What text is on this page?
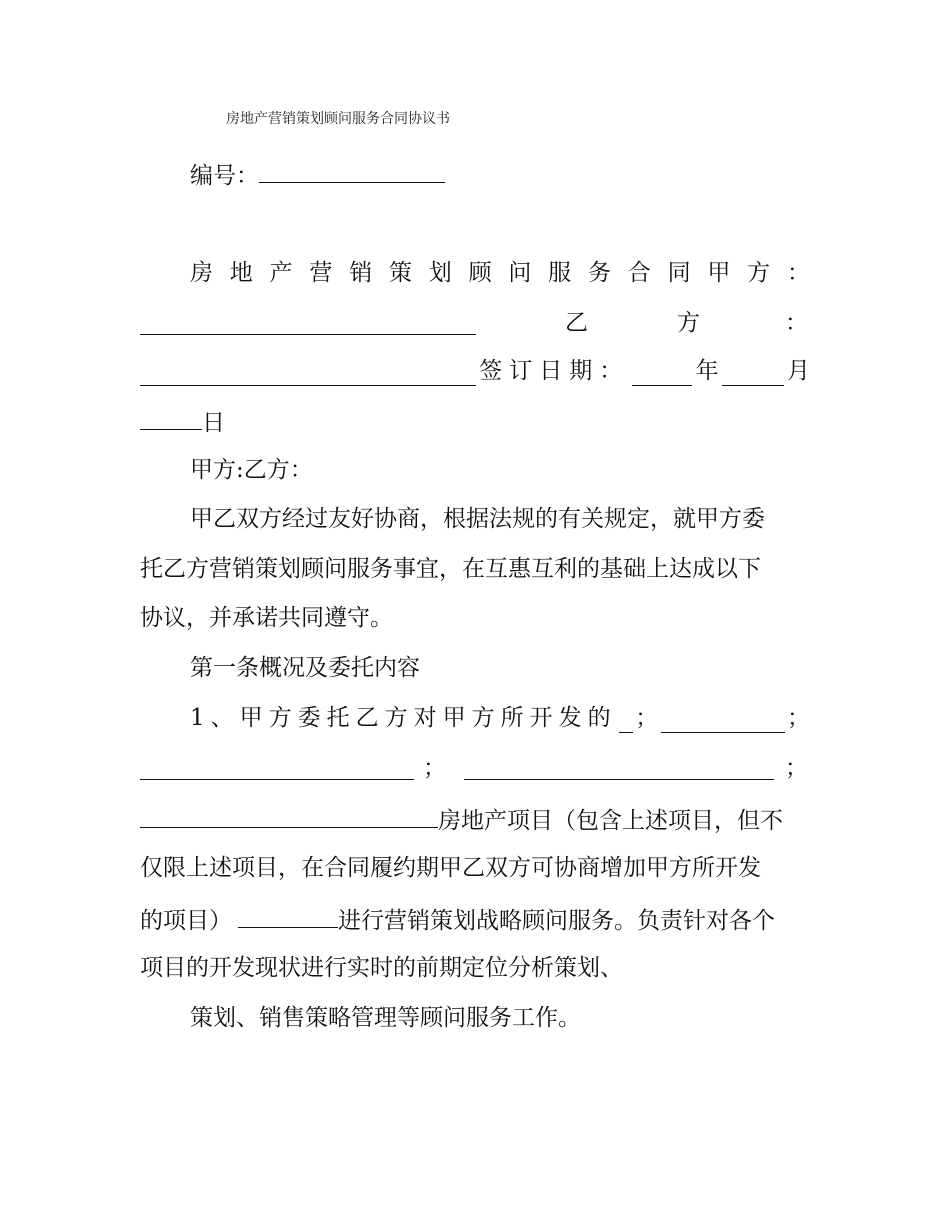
房地产营销策划顾问服务合同协议书
编号：
房 地 产 营 销 策 划 顾 问 服 务 合 同 甲 方 ：
乙	方	：
签订日期：	年	月
日
甲方:乙方：
甲乙双方经过友好协商，根据法规的有关规定，就甲方委
托乙方营销策划顾问服务事宜，在互惠互利的基础上达成以下
协议，并承诺共同遵守。
第一条概况及委托内容
1、甲方委托乙方对甲方所开发的 ；	；
；	；
房地产项目（包含上述项目，但不
仅限上述项目，在合同履约期甲乙双方可协商增加甲方所开发
的项目）	进行营销策划战略顾问服务。负责针对各个
项目的开发现状进行实时的前期定位分析策划、
策划、销售策略管理等顾问服务工作。
